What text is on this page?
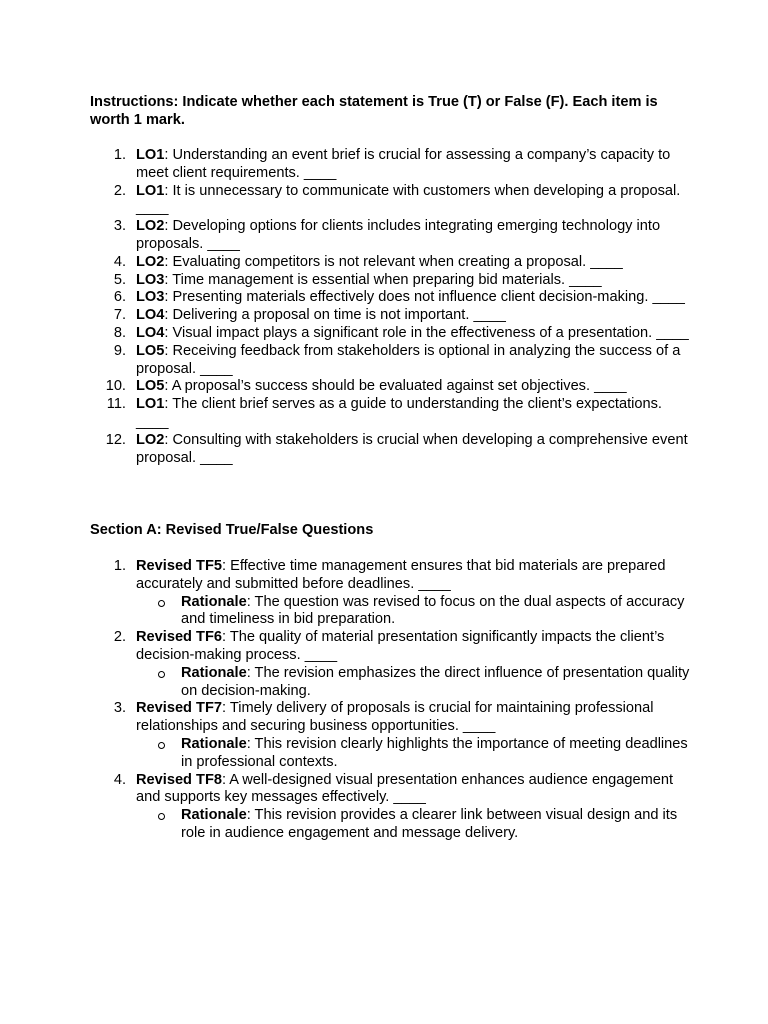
Instructions: Indicate whether each statement is True (T) or False (F). Each item is worth 1 mark.

1. LO1: Understanding an event brief is crucial for assessing a company’s capacity to meet client requirements. ____
2. LO1: It is unnecessary to communicate with customers when developing a proposal. ____
3. LO2: Developing options for clients includes integrating emerging technology into proposals. ____
4. LO2: Evaluating competitors is not relevant when creating a proposal. ____
5. LO3: Time management is essential when preparing bid materials. ____
6. LO3: Presenting materials effectively does not influence client decision-making. ____
7. LO4: Delivering a proposal on time is not important. ____
8. LO4: Visual impact plays a significant role in the effectiveness of a presentation. ____
9. LO5: Receiving feedback from stakeholders is optional in analyzing the success of a proposal. ____
10. LO5: A proposal’s success should be evaluated against set objectives. ____
11. LO1: The client brief serves as a guide to understanding the client’s expectations. ____
12. LO2: Consulting with stakeholders is crucial when developing a comprehensive event proposal. ____
Section A: Revised True/False Questions
1. Revised TF5: Effective time management ensures that bid materials are prepared accurately and submitted before deadlines. ____
Rationale: The question was revised to focus on the dual aspects of accuracy and timeliness in bid preparation.
2. Revised TF6: The quality of material presentation significantly impacts the client’s decision-making process. ____
Rationale: The revision emphasizes the direct influence of presentation quality on decision-making.
3. Revised TF7: Timely delivery of proposals is crucial for maintaining professional relationships and securing business opportunities. ____
Rationale: This revision clearly highlights the importance of meeting deadlines in professional contexts.
4. Revised TF8: A well-designed visual presentation enhances audience engagement and supports key messages effectively. ____
Rationale: This revision provides a clearer link between visual design and its role in audience engagement and message delivery.
